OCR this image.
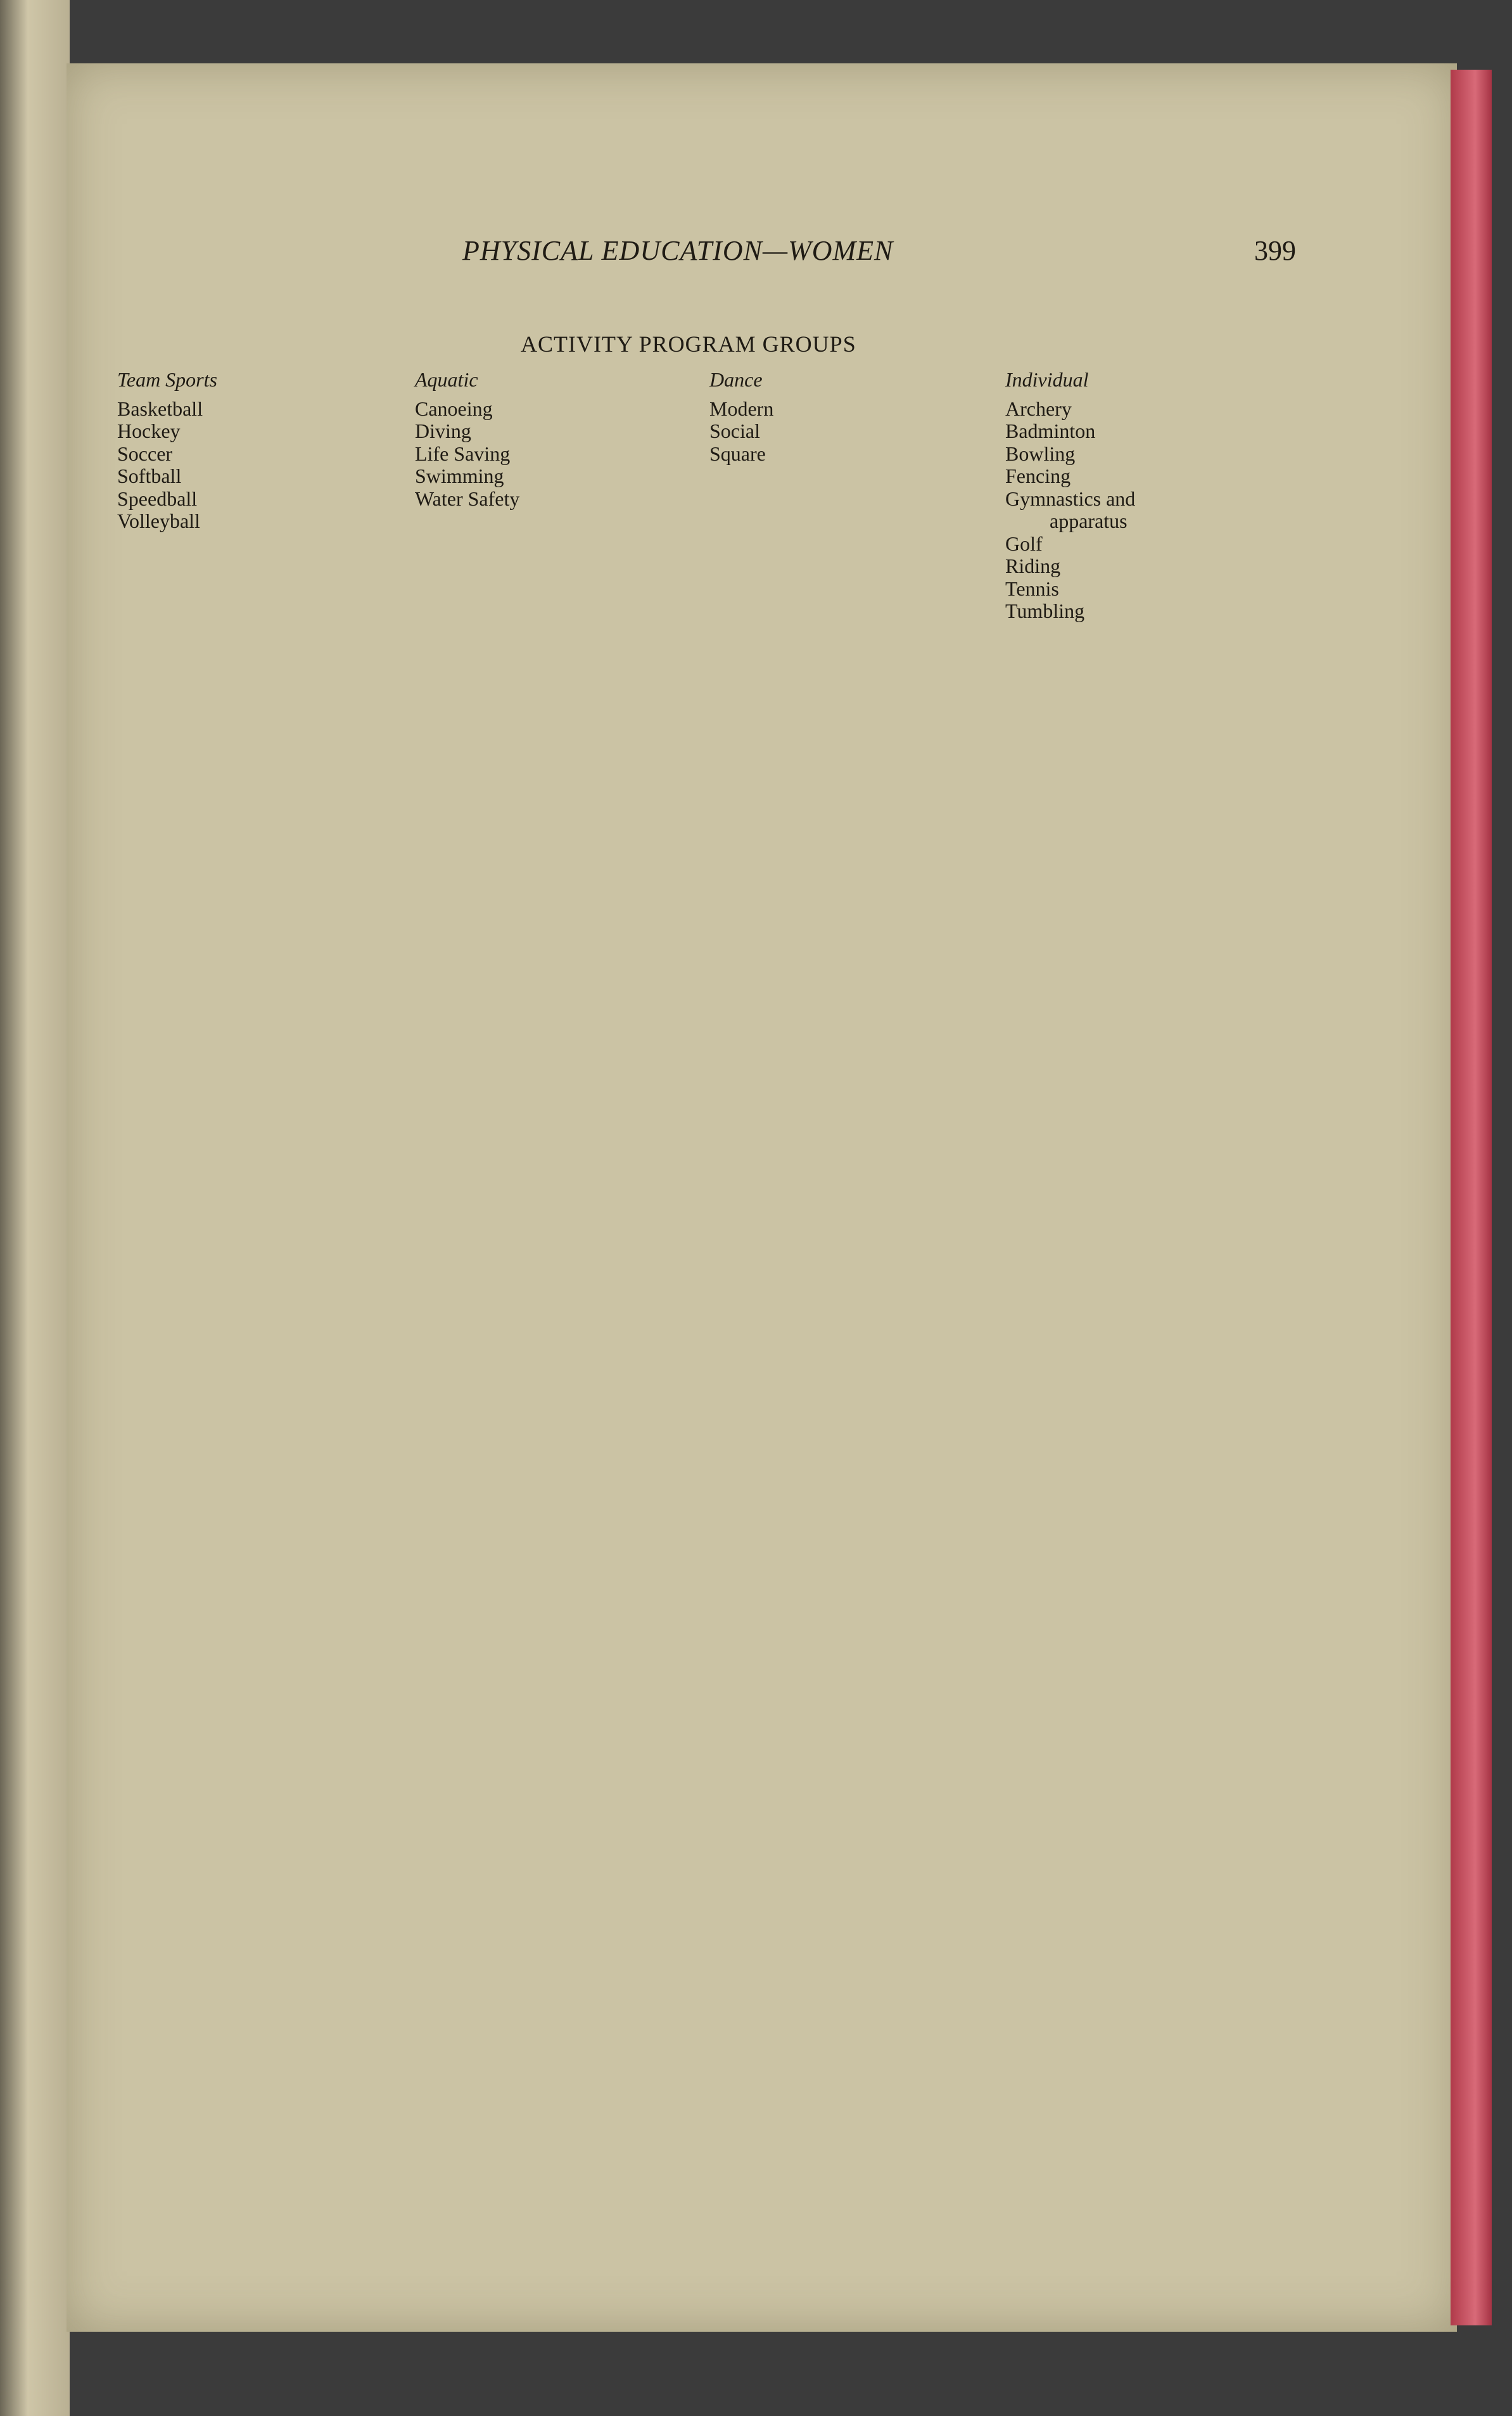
PHYSICAL EDUCATION—WOMEN	399
ACTIVITY PROGRAM GROUPS
Team Sports
Basketball
Hockey
Soccer
Softball
Speedball
Volleyball
Aquatic
Canoeing
Diving
Life Saving
Swimming
Water Safety
Dance
Modern
Social
Square
Individual
Archery
Badminton
Bowling
Fencing
Gymnastics and
apparatus
Golf
Riding
Tennis
Tumbling
